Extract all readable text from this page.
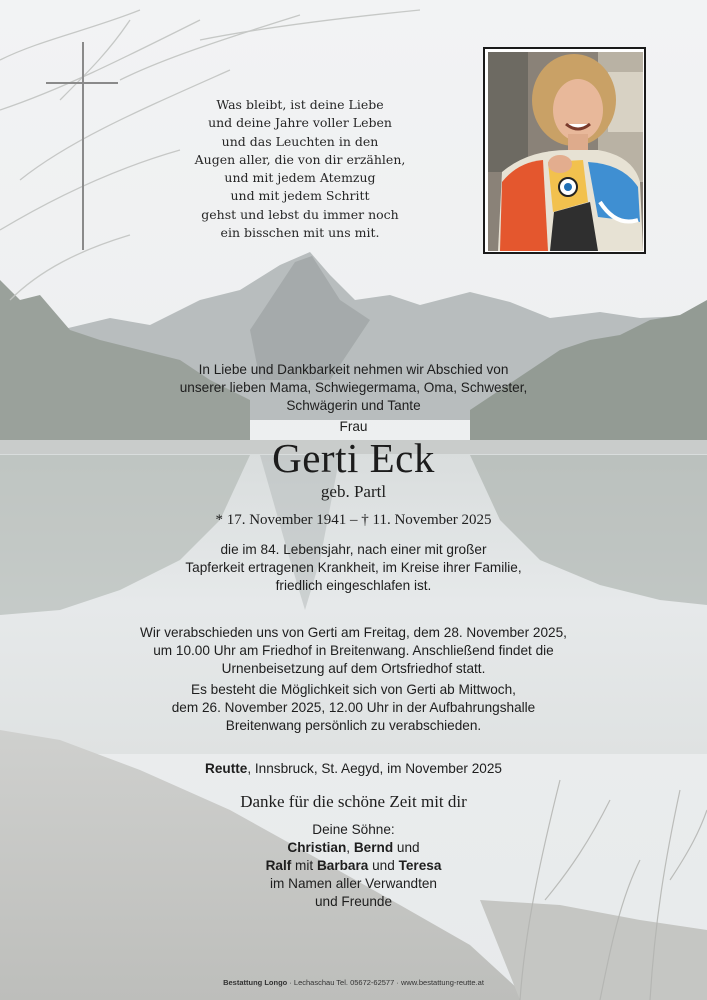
Was bleibt, ist deine Liebe
und deine Jahre voller Leben
und das Leuchten in den
Augen aller, die von dir erzählen,
und mit jedem Atemzug
und mit jedem Schritt
gehst und lebst du immer noch
ein bisschen mit uns mit.
In Liebe und Dankbarkeit nehmen wir Abschied von
unserer lieben Mama, Schwiegermama, Oma, Schwester,
Schwägerin und Tante
Frau
Gerti Eck
geb. Partl
* 17. November 1941 – † 11. November 2025
die im 84. Lebensjahr, nach einer mit großer
Tapferkeit ertragenen Krankheit, im Kreise ihrer Familie,
friedlich eingeschlafen ist.
Wir verabschieden uns von Gerti am Freitag, dem 28. November 2025,
um 10.00 Uhr am Friedhof in Breitenwang. Anschließend findet die
Urnenbeisetzung auf dem Ortsfriedhof statt.
Es besteht die Möglichkeit sich von Gerti ab Mittwoch,
dem 26. November 2025, 12.00 Uhr in der Aufbahrungshalle
Breitenwang persönlich zu verabschieden.
Reutte, Innsbruck, St. Aegyd, im November 2025
Danke für die schöne Zeit mit dir
Deine Söhne:
Christian, Bernd und
Ralf mit Barbara und Teresa
im Namen aller Verwandten
und Freunde
Bestattung Longo · Lechaschau Tel. 05672-62577 · www.bestattung-reutte.at
